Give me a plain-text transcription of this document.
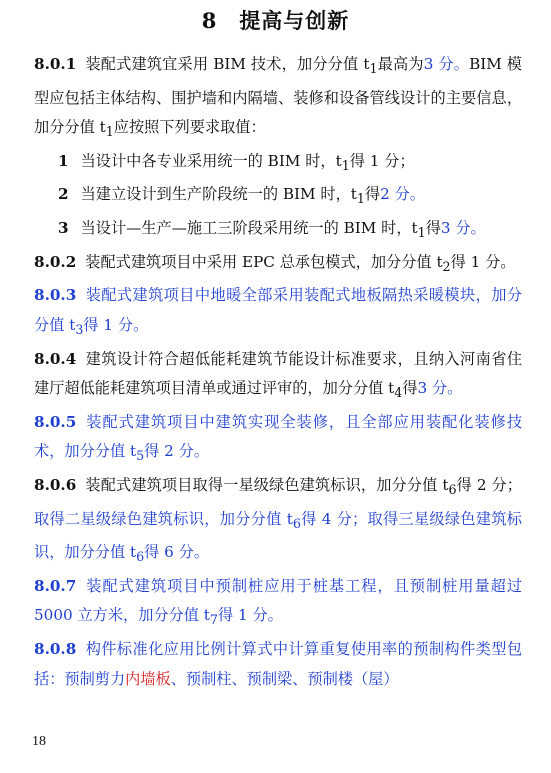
8 提高与创新

8.0.1 装配式建筑宜采用 BIM 技术，加分分值 $t_1$最高为3 分。BIM 模型应包括主体结构、围护墙和内隔墙、装修和设备管线设计的主要信息，加分分值 $t_1$应按照下列要求取值：

1 当设计中各专业采用统一的 BIM 时，$t_1$得 1 分；

2 当建立设计到生产阶段统一的 BIM 时，$t_1$得2 分。

3 当设计—生产—施工三阶段采用统一的 BIM 时，$t_1$得3 分。

8.0.2 装配式建筑项目中采用 EPC 总承包模式，加分分值 $t_2$得 1 分。

8.0.3 装配式建筑项目中地暖全部采用装配式地板隔热采暖模块，加分分值 $t_3$得 1 分。

8.0.4 建筑设计符合超低能耗建筑节能设计标准要求，且纳入河南省住建厅超低能耗建筑项目清单或通过评审的，加分分值 $t_4$得3 分。

8.0.5 装配式建筑项目中建筑实现全装修，且全部应用装配化装修技术，加分分值 $t_5$得 2 分。

8.0.6 装配式建筑项目取得一星级绿色建筑标识，加分分值 $t_6$得 2 分；取得二星级绿色建筑标识，加分分值 $t_6$得 4 分；取得三星级绿色建筑标识，加分分值 $t_6$得 6 分。

8.0.7 装配式建筑项目中预制桩应用于桩基工程，且预制桩用量超过 5000 立方米，加分分值 $t_7$得 1 分。

8.0.8 构件标准化应用比例计算式中计算重复使用率的预制构件类型包括：预制剪力内墙板、预制柱、预制梁、预制楼（屋）

18
